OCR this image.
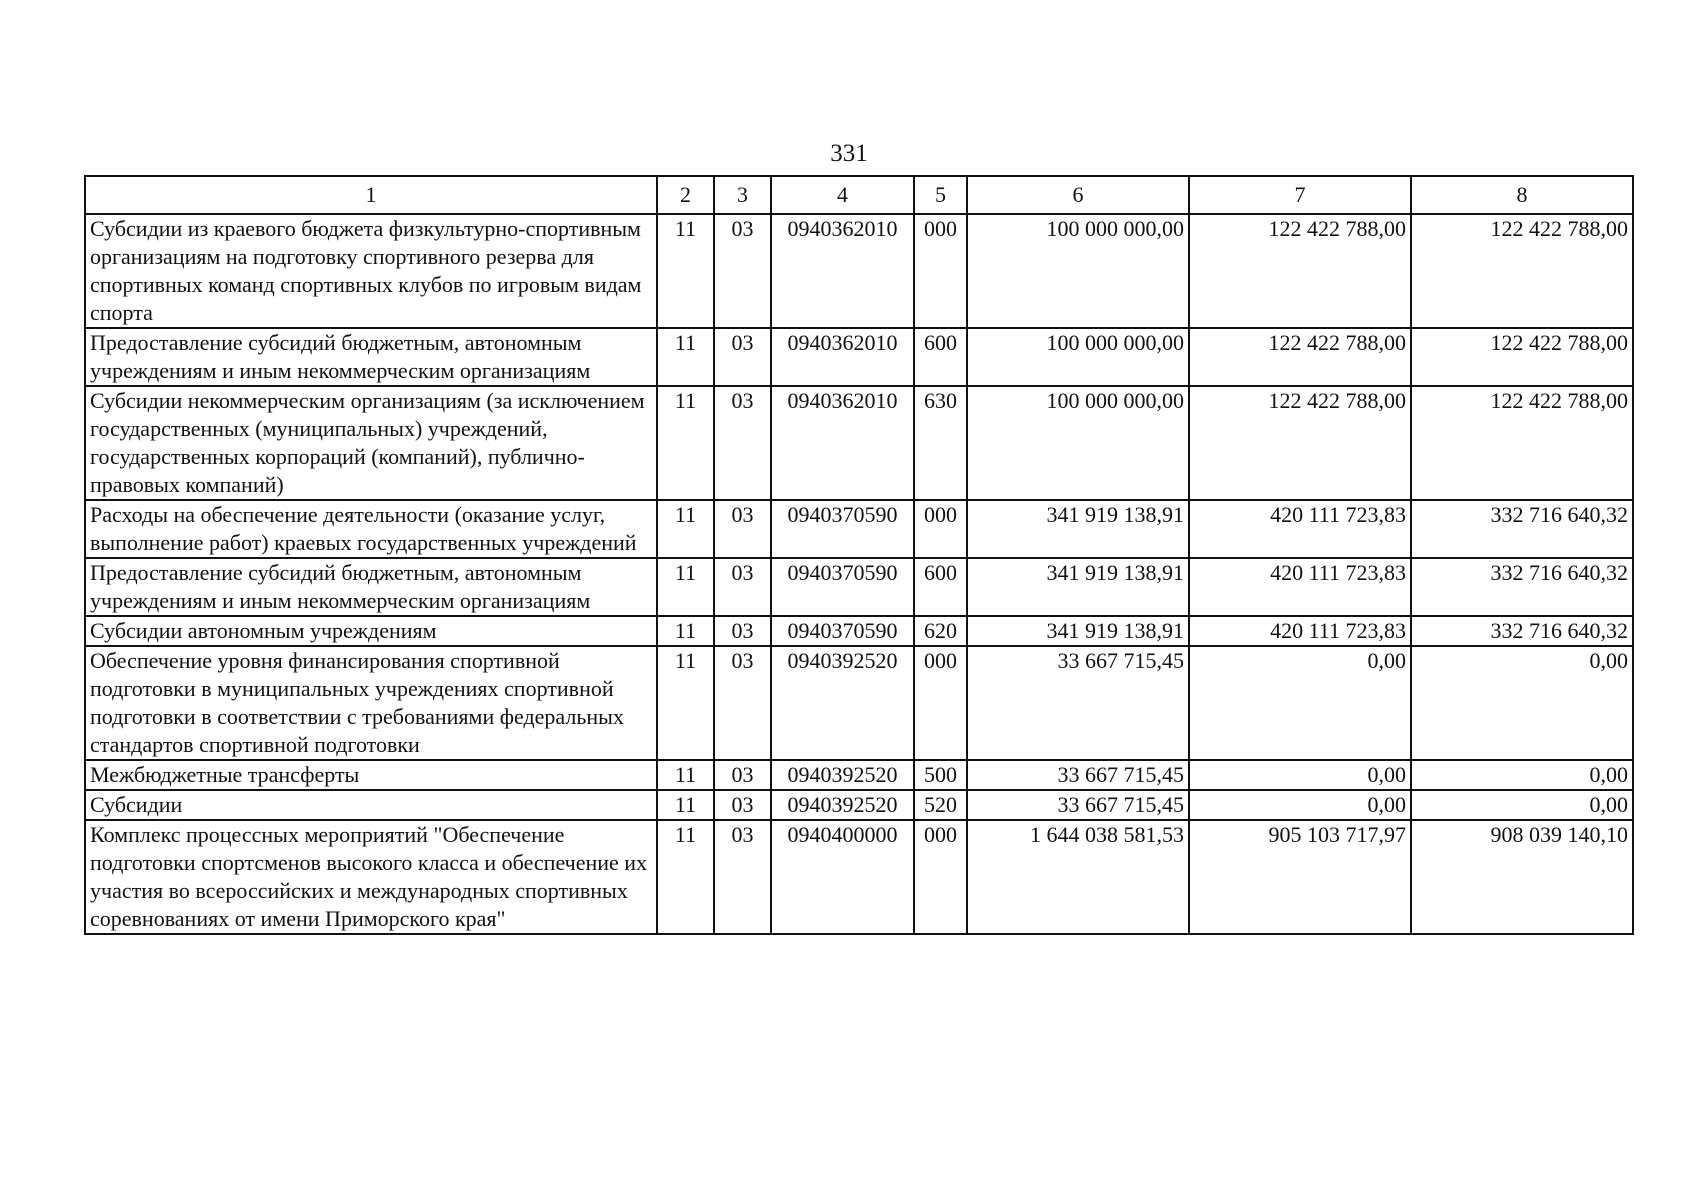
331
1	2	3	4	5	6	7	8
Субсидии из краевого бюджета физкультурно-спортивным организациям на подготовку спортивного резерва для спортивных команд спортивных клубов по игровым видам спорта	11	03	0940362010	000	100 000 000,00	122 422 788,00	122 422 788,00
Предоставление субсидий бюджетным, автономным учреждениям и иным некоммерческим организациям	11	03	0940362010	600	100 000 000,00	122 422 788,00	122 422 788,00
Субсидии некоммерческим организациям (за исключением государственных (муниципальных) учреждений, государственных корпораций (компаний), публично-правовых компаний)	11	03	0940362010	630	100 000 000,00	122 422 788,00	122 422 788,00
Расходы на обеспечение деятельности (оказание услуг, выполнение работ) краевых государственных учреждений	11	03	0940370590	000	341 919 138,91	420 111 723,83	332 716 640,32
Предоставление субсидий бюджетным, автономным учреждениям и иным некоммерческим организациям	11	03	0940370590	600	341 919 138,91	420 111 723,83	332 716 640,32
Субсидии автономным учреждениям	11	03	0940370590	620	341 919 138,91	420 111 723,83	332 716 640,32
Обеспечение уровня финансирования спортивной подготовки в муниципальных учреждениях спортивной подготовки в соответствии с требованиями федеральных стандартов спортивной подготовки	11	03	0940392520	000	33 667 715,45	0,00	0,00
Межбюджетные трансферты	11	03	0940392520	500	33 667 715,45	0,00	0,00
Субсидии	11	03	0940392520	520	33 667 715,45	0,00	0,00
Комплекс процессных мероприятий "Обеспечение подготовки спортсменов высокого класса и обеспечение их участия во всероссийских и международных спортивных соревнованиях от имени Приморского края"	11	03	0940400000	000	1 644 038 581,53	905 103 717,97	908 039 140,10
